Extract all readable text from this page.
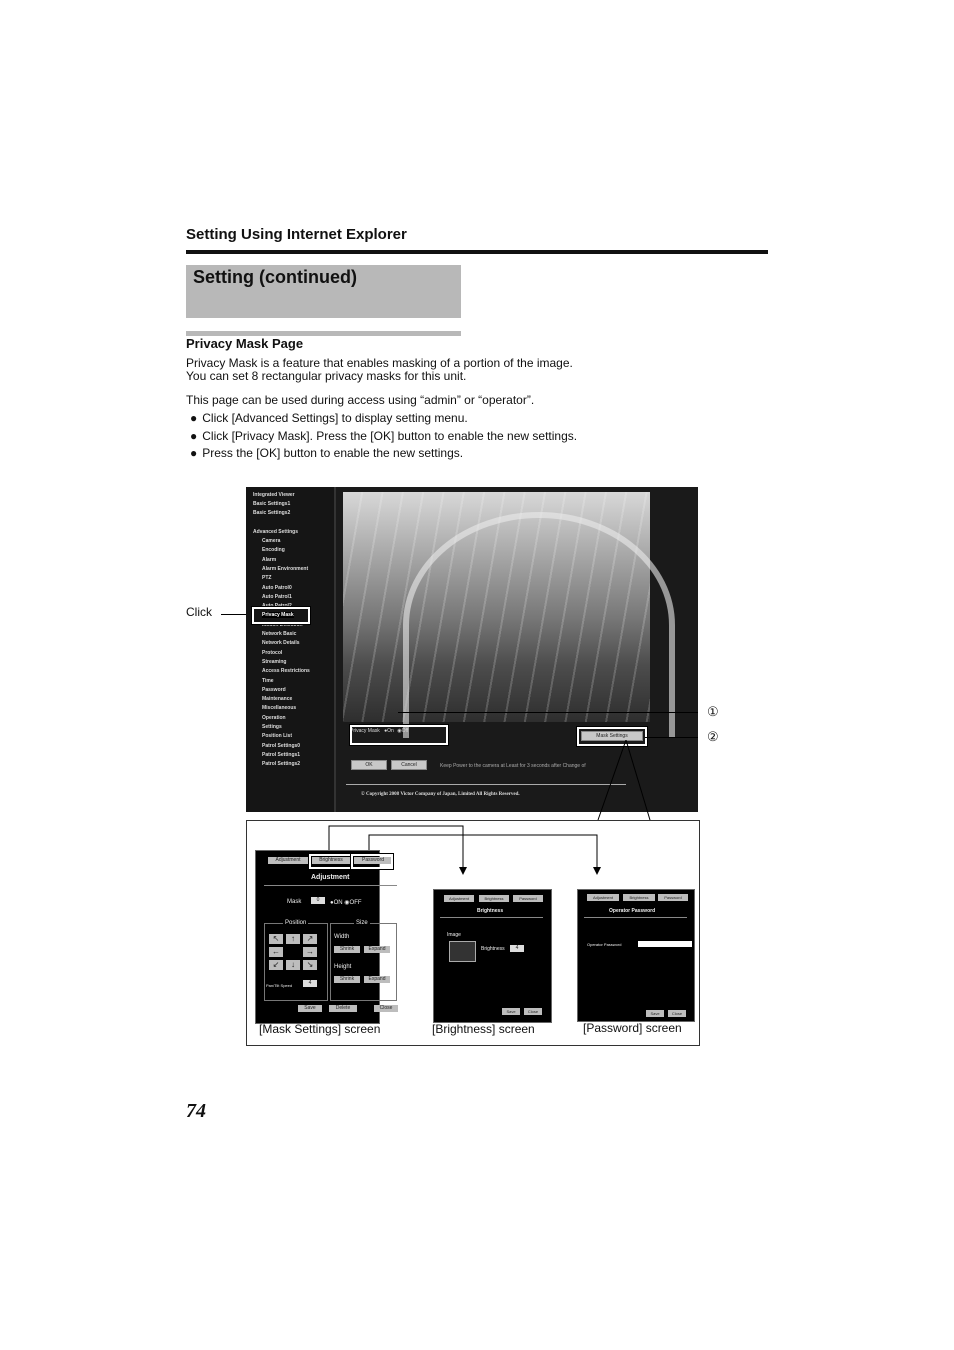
Setting Using Internet Explorer
Setting (continued)
Privacy Mask Page
Privacy Mask is a feature that enables masking of a portion of the image.
You can set 8 rectangular privacy masks for this unit.
This page can be used during access using “admin” or “operator”.
● Click [Advanced Settings] to display setting menu.
● Click [Privacy Mask]. Press the [OK] button to enable the new settings.
● Press the [OK] button to enable the new settings.
Click
Integrated Viewer
Basic Settings1
Basic Settings2
Advanced Settings
Camera
Encoding
Alarm
Alarm Environment
PTZ
Auto Patrol0
Auto Patrol1
Auto Patrol2
Privacy Mask
Motion Detection
Network Basic
Network Details
Protocol
Streaming
Access Restrictions
Time
Password
Maintenance
Miscellaneous
Operation
Settings
Position List
Patrol Settings0
Patrol Settings1
Patrol Settings2
Privacy Mask ●On ◉Off
Mask Settings
OK	Cancel	Keep Power to the camera at Least for 3 seconds after Change of
© Copyright 2008 Victor Company of Japan, Limited All Rights Reserved.
①
②
Adjustment	Brightness	Password
Adjustment
Mask	0	●ON ◉OFF
Position
↖	↑	↗
←	→
↙	↓	↘
Pan/Tilt Speed	4
Size
Width
Shrink	Expand
Height
Shrink	Expand
Save	Delete	Close
[Mask Settings] screen
Adjustment	Brightness	Password
Brightness
Image
Brightness	4
Save	Close
[Brightness] screen
Adjustment	Brightness	Password
Operator Password
Operator Password
Save	Close
[Password] screen
74
